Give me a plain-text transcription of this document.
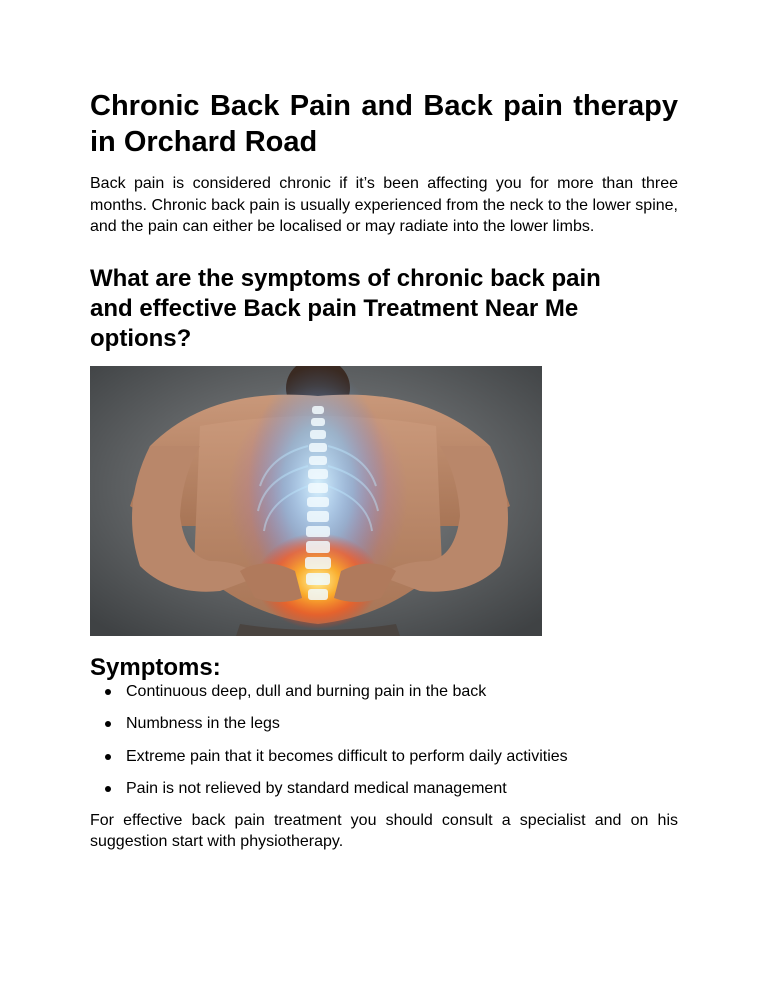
Chronic Back Pain and Back pain therapy in Orchard Road

Back pain is considered chronic if it’s been affecting you for more than three months. Chronic back pain is usually experienced from the neck to the lower spine, and the pain can either be localised or may radiate into the lower limbs.

What are the symptoms of chronic back pain and effective Back pain Treatment Near Me options?
Symptoms:
Continuous deep, dull and burning pain in the back
Numbness in the legs
Extreme pain that it becomes difficult to perform daily activities
Pain is not relieved by standard medical management

For effective back pain treatment you should consult a specialist and on his suggestion start with physiotherapy.
